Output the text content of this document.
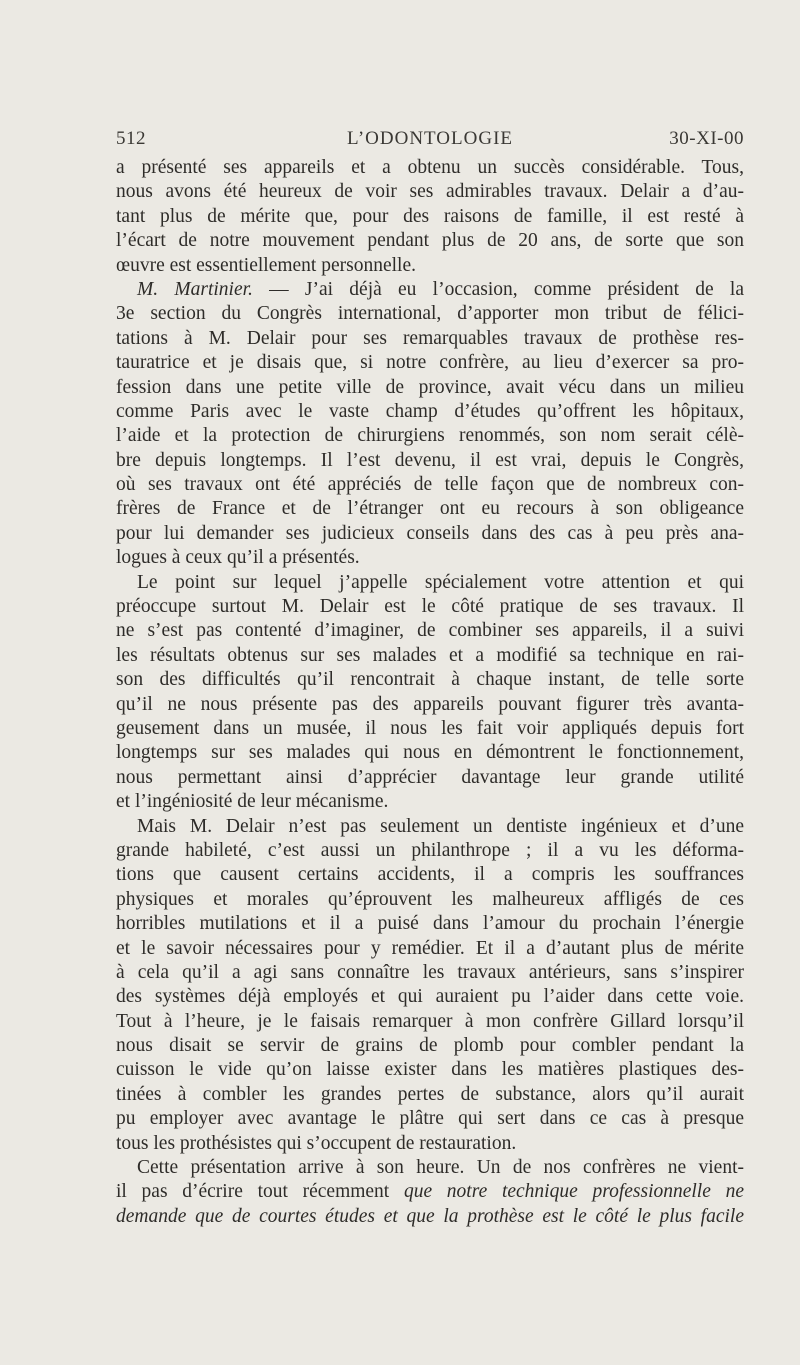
512	L’ODONTOLOGIE	30-XI-00
a présenté ses appareils et a obtenu un succès considérable. Tous,
nous avons été heureux de voir ses admirables travaux. Delair a d’au-
tant plus de mérite que, pour des raisons de famille, il est resté à
l’écart de notre mouvement pendant plus de 20 ans, de sorte que son
œuvre est essentiellement personnelle.
M. Martinier. — J’ai déjà eu l’occasion, comme président de la
3e section du Congrès international, d’apporter mon tribut de félici-
tations à M. Delair pour ses remarquables travaux de prothèse res-
tauratrice et je disais que, si notre confrère, au lieu d’exercer sa pro-
fession dans une petite ville de province, avait vécu dans un milieu
comme Paris avec le vaste champ d’études qu’offrent les hôpitaux,
l’aide et la protection de chirurgiens renommés, son nom serait célè-
bre depuis longtemps. Il l’est devenu, il est vrai, depuis le Congrès,
où ses travaux ont été appréciés de telle façon que de nombreux con-
frères de France et de l’étranger ont eu recours à son obligeance
pour lui demander ses judicieux conseils dans des cas à peu près ana-
logues à ceux qu’il a présentés.
Le point sur lequel j’appelle spécialement votre attention et qui
préoccupe surtout M. Delair est le côté pratique de ses travaux. Il
ne s’est pas contenté d’imaginer, de combiner ses appareils, il a suivi
les résultats obtenus sur ses malades et a modifié sa technique en rai-
son des difficultés qu’il rencontrait à chaque instant, de telle sorte
qu’il ne nous présente pas des appareils pouvant figurer très avanta-
geusement dans un musée, il nous les fait voir appliqués depuis fort
longtemps sur ses malades qui nous en démontrent le fonctionnement,
nous permettant ainsi d’apprécier davantage leur grande utilité
et l’ingéniosité de leur mécanisme.
Mais M. Delair n’est pas seulement un dentiste ingénieux et d’une
grande habileté, c’est aussi un philanthrope ; il a vu les déforma-
tions que causent certains accidents, il a compris les souffrances
physiques et morales qu’éprouvent les malheureux affligés de ces
horribles mutilations et il a puisé dans l’amour du prochain l’énergie
et le savoir nécessaires pour y remédier. Et il a d’autant plus de mérite
à cela qu’il a agi sans connaître les travaux antérieurs, sans s’inspirer
des systèmes déjà employés et qui auraient pu l’aider dans cette voie.
Tout à l’heure, je le faisais remarquer à mon confrère Gillard lorsqu’il
nous disait se servir de grains de plomb pour combler pendant la
cuisson le vide qu’on laisse exister dans les matières plastiques des-
tinées à combler les grandes pertes de substance, alors qu’il aurait
pu employer avec avantage le plâtre qui sert dans ce cas à presque
tous les prothésistes qui s’occupent de restauration.
Cette présentation arrive à son heure. Un de nos confrères ne vient-
il pas d’écrire tout récemment que notre technique professionnelle ne
demande que de courtes études et que la prothèse est le côté le plus facile
